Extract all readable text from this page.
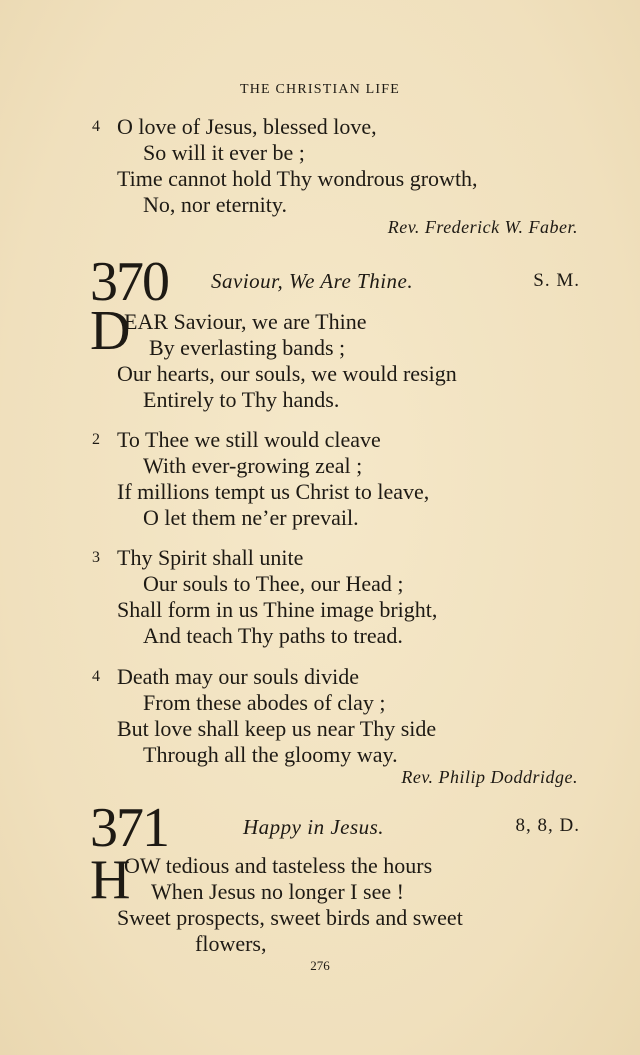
THE CHRISTIAN LIFE
4 O love of Jesus, blessed love,
So will it ever be ;
Time cannot hold Thy wondrous growth,
No, nor eternity.
Rev. Frederick W. Faber.
370 Saviour, We Are Thine.	S. M.
D
EAR Saviour, we are Thine
By everlasting bands ;
Our hearts, our souls, we would resign
Entirely to Thy hands.
2 To Thee we still would cleave
With ever-growing zeal ;
If millions tempt us Christ to leave,
O let them ne’er prevail.
3 Thy Spirit shall unite
Our souls to Thee, our Head ;
Shall form in us Thine image bright,
And teach Thy paths to tread.
4 Death may our souls divide
From these abodes of clay ;
But love shall keep us near Thy side
Through all the gloomy way.
Rev. Philip Doddridge.
371	Happy in Jesus.	8, 8, D.
H
OW tedious and tasteless the hours
When Jesus no longer I see !
Sweet prospects, sweet birds and sweet
flowers,
276
